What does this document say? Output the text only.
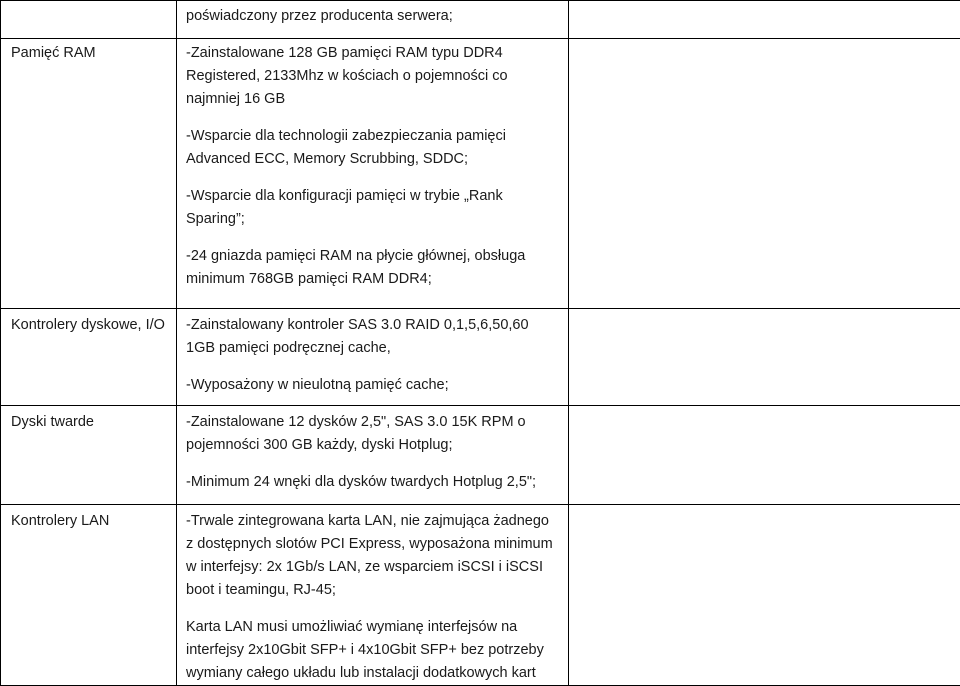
	poświadczony przez producenta serwera;	

Pamięć RAM	-Zainstalowane 128 GB pamięci RAM typu DDR4 Registered, 2133Mhz w kościach o pojemności co najmniej 16 GB

-Wsparcie dla technologii zabezpieczania pamięci Advanced ECC, Memory Scrubbing, SDDC;

-Wsparcie dla konfiguracji pamięci w trybie „Rank Sparing”;

-24 gniazda pamięci RAM na płycie głównej, obsługa minimum 768GB pamięci RAM DDR4;	

Kontrolery dyskowe, I/O	-Zainstalowany kontroler SAS 3.0 RAID 0,1,5,6,50,60 1GB pamięci podręcznej cache,

-Wyposażony w nieulotną pamięć cache;	

Dyski twarde	-Zainstalowane 12 dysków 2,5", SAS 3.0 15K RPM o pojemności 300 GB każdy, dyski Hotplug;

-Minimum 24 wnęki dla dysków twardych Hotplug 2,5";	

Kontrolery LAN	-Trwale zintegrowana karta LAN, nie zajmująca żadnego z dostępnych slotów PCI Express, wyposażona minimum w interfejsy: 2x 1Gb/s LAN, ze wsparciem iSCSI i iSCSI boot i teamingu, RJ-45;

Karta LAN musi umożliwiać wymianę interfejsów na interfejsy 2x10Gbit SFP+ i 4x10Gbit SFP+ bez potrzeby wymiany całego układu lub instalacji dodatkowych kart	
